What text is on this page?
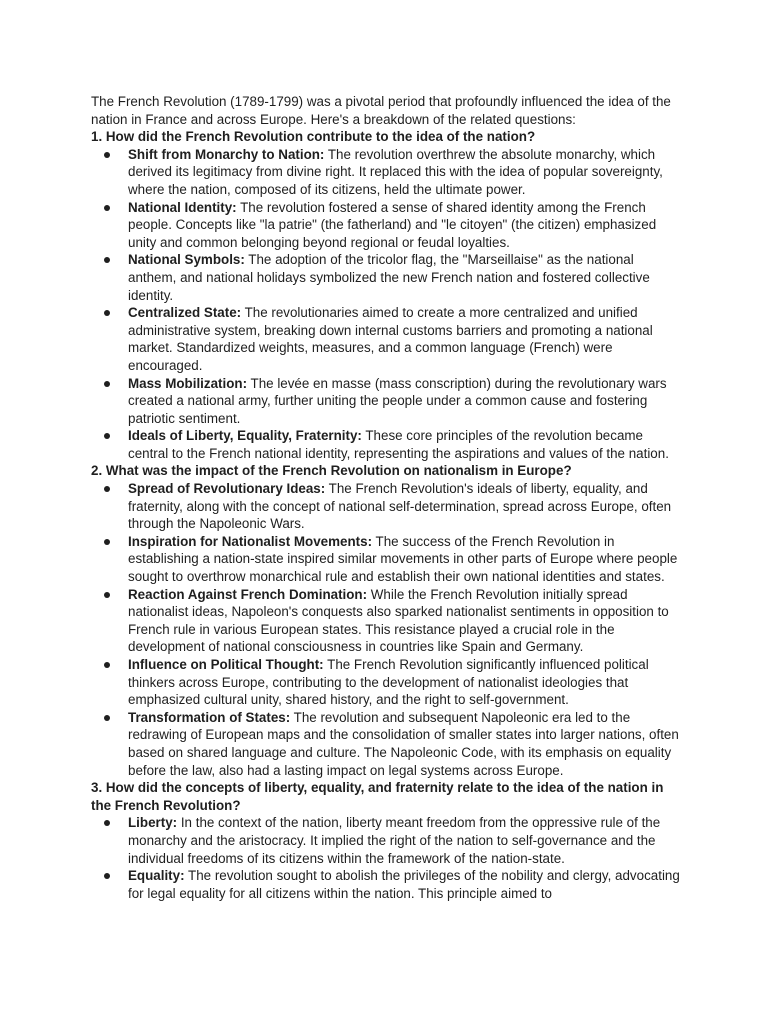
The French Revolution (1789-1799) was a pivotal period that profoundly influenced the idea of the nation in France and across Europe. Here's a breakdown of the related questions:

1. How did the French Revolution contribute to the idea of the nation?

Shift from Monarchy to Nation: The revolution overthrew the absolute monarchy, which derived its legitimacy from divine right. It replaced this with the idea of popular sovereignty, where the nation, composed of its citizens, held the ultimate power.
National Identity: The revolution fostered a sense of shared identity among the French people. Concepts like "la patrie" (the fatherland) and "le citoyen" (the citizen) emphasized unity and common belonging beyond regional or feudal loyalties.
National Symbols: The adoption of the tricolor flag, the "Marseillaise" as the national anthem, and national holidays symbolized the new French nation and fostered collective identity.
Centralized State: The revolutionaries aimed to create a more centralized and unified administrative system, breaking down internal customs barriers and promoting a national market. Standardized weights, measures, and a common language (French) were encouraged.
Mass Mobilization: The levée en masse (mass conscription) during the revolutionary wars created a national army, further uniting the people under a common cause and fostering patriotic sentiment.
Ideals of Liberty, Equality, Fraternity: These core principles of the revolution became central to the French national identity, representing the aspirations and values of the nation.

2. What was the impact of the French Revolution on nationalism in Europe?

Spread of Revolutionary Ideas: The French Revolution's ideals of liberty, equality, and fraternity, along with the concept of national self-determination, spread across Europe, often through the Napoleonic Wars.
Inspiration for Nationalist Movements: The success of the French Revolution in establishing a nation-state inspired similar movements in other parts of Europe where people sought to overthrow monarchical rule and establish their own national identities and states.
Reaction Against French Domination: While the French Revolution initially spread nationalist ideas, Napoleon's conquests also sparked nationalist sentiments in opposition to French rule in various European states. This resistance played a crucial role in the development of national consciousness in countries like Spain and Germany.
Influence on Political Thought: The French Revolution significantly influenced political thinkers across Europe, contributing to the development of nationalist ideologies that emphasized cultural unity, shared history, and the right to self-government.
Transformation of States: The revolution and subsequent Napoleonic era led to the redrawing of European maps and the consolidation of smaller states into larger nations, often based on shared language and culture. The Napoleonic Code, with its emphasis on equality before the law, also had a lasting impact on legal systems across Europe.

3. How did the concepts of liberty, equality, and fraternity relate to the idea of the nation in the French Revolution?

Liberty: In the context of the nation, liberty meant freedom from the oppressive rule of the monarchy and the aristocracy. It implied the right of the nation to self-governance and the individual freedoms of its citizens within the framework of the nation-state.
Equality: The revolution sought to abolish the privileges of the nobility and clergy, advocating for legal equality for all citizens within the nation. This principle aimed to
